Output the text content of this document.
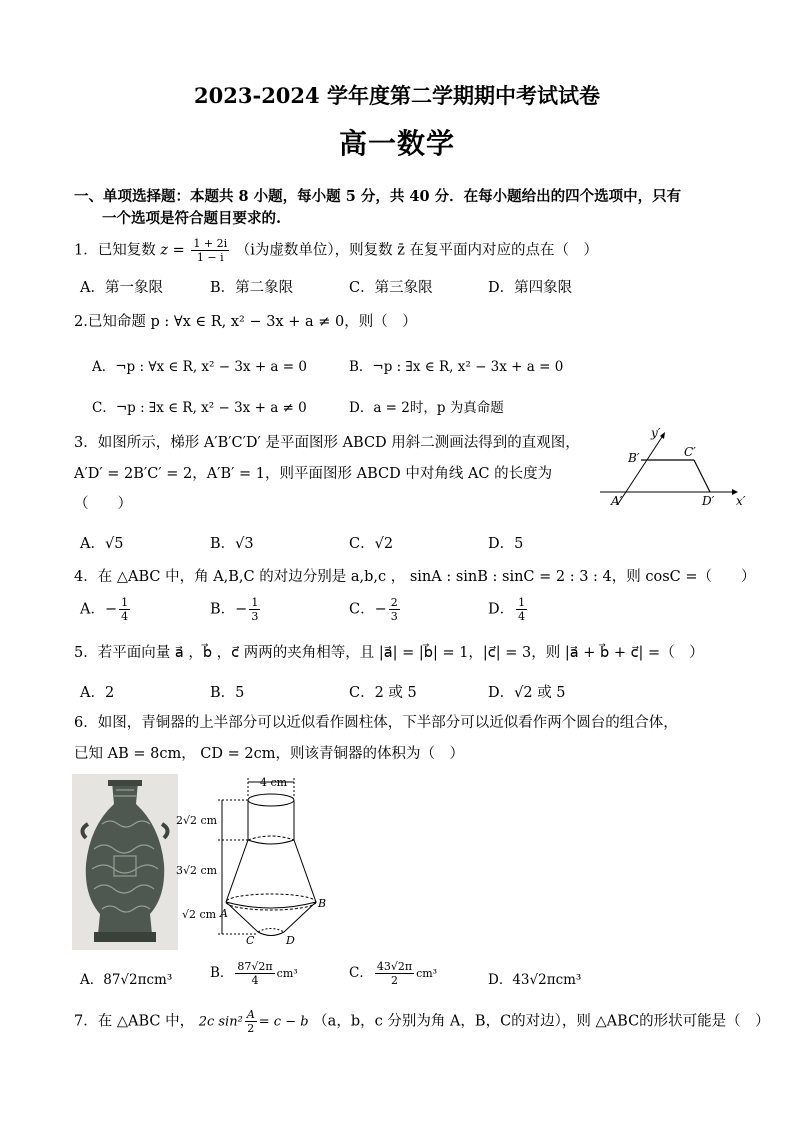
2023-2024 学年度第二学期期中考试试卷
高一数学
一、单项选择题：本题共 8 小题，每小题 5 分，共 40 分．在每小题给出的四个选项中，只有
一个选项是符合题目要求的.
1．已知复数 $z = \frac{1 + 2i}{1 - i} (i$为虚数单位），则复数 z̄ 在复平面内对应的点在（　）
A．第一象限	B．第二象限	C．第三象限	D．第四象限
2.已知命题 p : ∀x ∈ R, x² − 3x + a ≠ 0，则（　）
A．¬p : ∀x ∈ R, x² − 3x + a = 0	B．¬p : ∃x ∈ R, x² − 3x + a = 0
C．¬p : ∃x ∈ R, x² − 3x + a ≠ 0	D．a = 2时，p 为真命题
3．如图所示，梯形 A′B′C′D′ 是平面图形 ABCD 用斜二测画法得到的直观图，
A′D′ = 2B′C′ = 2，A′B′ = 1，则平面图形 ABCD 中对角线 AC 的长度为
（　　）
y′
x′
A′
B′	C′
D′
A．√5	B．√3	C．√2	D．5
4．在 △ABC 中，角 A,B,C 的对边分别是 a,b,c ， sinA : sinB : sinC = 2 : 3 : 4，则 cosC =（　　）
A．− $\frac{1}{4}$	B．− $\frac{1}{3}$	C．− $\frac{2}{3}$	D． $\frac{1}{4}$
5．若平面向量 a⃗ ，b⃗ ，c⃗ 两两的夹角相等，且 |a⃗| = |b⃗| = 1，|c⃗| = 3，则 |a⃗ + b⃗ + c⃗| =（　）
A．2	B．5	C．2 或 5	D．√2 或 5
6．如图，青铜器的上半部分可以近似看作圆柱体，下半部分可以近似看作两个圆台的组合体，
已知 AB = 8cm， CD = 2cm，则该青铜器的体积为（　）
4 cm
2√2 cm
3√2 cm
√2 cm A
B
C	D
A．87√2πcm³	B． $\frac{87√2\pi}{4} cm^3$	C． $\frac{43√2\pi}{2} cm^3$	D．43√2πcm³
7．在 △ABC 中， 2c $\sin^2 \frac{A}{2} = c - b$ （a，b，c 分别为角 A，B，C的对边），则 △ABC的形状可能是（　）
